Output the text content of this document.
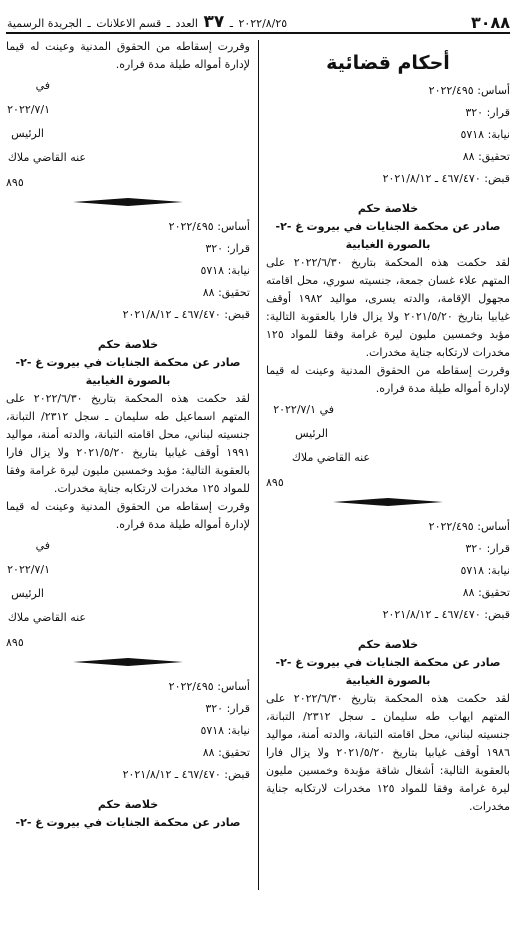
٣٠٨٨
٢٠٢٢/٨/٢٥ ـ ٣٧ العدد ـ قسم الاعلانات ـ الجريدة الرسمية
أحكام قضائية
أساس: ٢٠٢٢/٤٩٥
قرار: ٣٢٠
نيابة: ٥٧١٨
تحقيق: ٨٨
قبض: ٤٦٧/٤٧٠ ـ ٢٠٢١/٨/١٢
خلاصة حكم
صادر عن محكمة الجنايات في بيروت غ -٢-
بالصورة الغيابية

لقد حكمت هذه المحكمة بتاريخ ٢٠٢٢/٦/٣٠ على المتهم علاء غسان جمعة، جنسيته سوري، محل اقامته مجهول الإقامة، والدته يسرى، مواليد ١٩٨٢ أوقف غيابيا بتاريخ ٢٠٢١/٥/٢٠ ولا يزال فارا بالعقوبة التالية: مؤبد وخمسين مليون ليرة غرامة وفقا للمواد ١٢٥ مخدرات لارتكابه جناية مخدرات.

وقررت إسقاطه من الحقوق المدنية وعينت له قيما لإدارة أمواله طيلة مدة فراره.

في ٢٠٢٢/٧/١
الرئيس
عنه القاضي ملاك
٨٩٥
أساس: ٢٠٢٢/٤٩٥
قرار: ٣٢٠
نيابة: ٥٧١٨
تحقيق: ٨٨
قبض: ٤٦٧/٤٧٠ ـ ٢٠٢١/٨/١٢
خلاصة حكم
صادر عن محكمة الجنايات في بيروت غ -٢-
بالصورة الغيابية

لقد حكمت هذه المحكمة بتاريخ ٢٠٢٢/٦/٣٠ على المتهم ايهاب طه سليمان ـ سجل ٢٣١٢/ التبانة، جنسيته لبناني، محل اقامته التبانة، والدته أمنة، مواليد ١٩٨٦ أوقف غيابيا بتاريخ ٢٠٢١/٥/٢٠ ولا يزال فارا بالعقوبة التالية: أشغال شاقة مؤبدة وخمسين مليون ليرة غرامة وفقا للمواد ١٢٥ مخدرات لارتكابه جناية مخدرات.

وقررت إسقاطه من الحقوق المدنية وعينت له قيما لإدارة أمواله طيلة مدة فراره.

في ٢٠٢٢/٧/١
الرئيس
عنه القاضي ملاك
٨٩٥
أساس: ٢٠٢٢/٤٩٥
قرار: ٣٢٠
نيابة: ٥٧١٨
تحقيق: ٨٨
قبض: ٤٦٧/٤٧٠ ـ ٢٠٢١/٨/١٢
خلاصة حكم
صادر عن محكمة الجنايات في بيروت غ -٢-
بالصورة الغيابية

لقد حكمت هذه المحكمة بتاريخ ٢٠٢٢/٦/٣٠ على المتهم اسماعيل طه سليمان ـ سجل ٢٣١٢/ التبانة، جنسيته لبناني، محل اقامته التبانة، والدته أمنة، مواليد ١٩٩١ أوقف غيابيا بتاريخ ٢٠٢١/٥/٢٠ ولا يزال فارا بالعقوبة التالية: مؤبد وخمسين مليون ليرة غرامة وفقا للمواد ١٢٥ مخدرات لارتكابه جناية مخدرات.

وقررت إسقاطه من الحقوق المدنية وعينت له قيما لإدارة أمواله طيلة مدة فراره.

في ٢٠٢٢/٧/١
الرئيس
عنه القاضي ملاك
٨٩٥
أساس: ٢٠٢٢/٤٩٥
قرار: ٣٢٠
نيابة: ٥٧١٨
تحقيق: ٨٨
قبض: ٤٦٧/٤٧٠ ـ ٢٠٢١/٨/١٢
خلاصة حكم
صادر عن محكمة الجنايات في بيروت غ -٢-
